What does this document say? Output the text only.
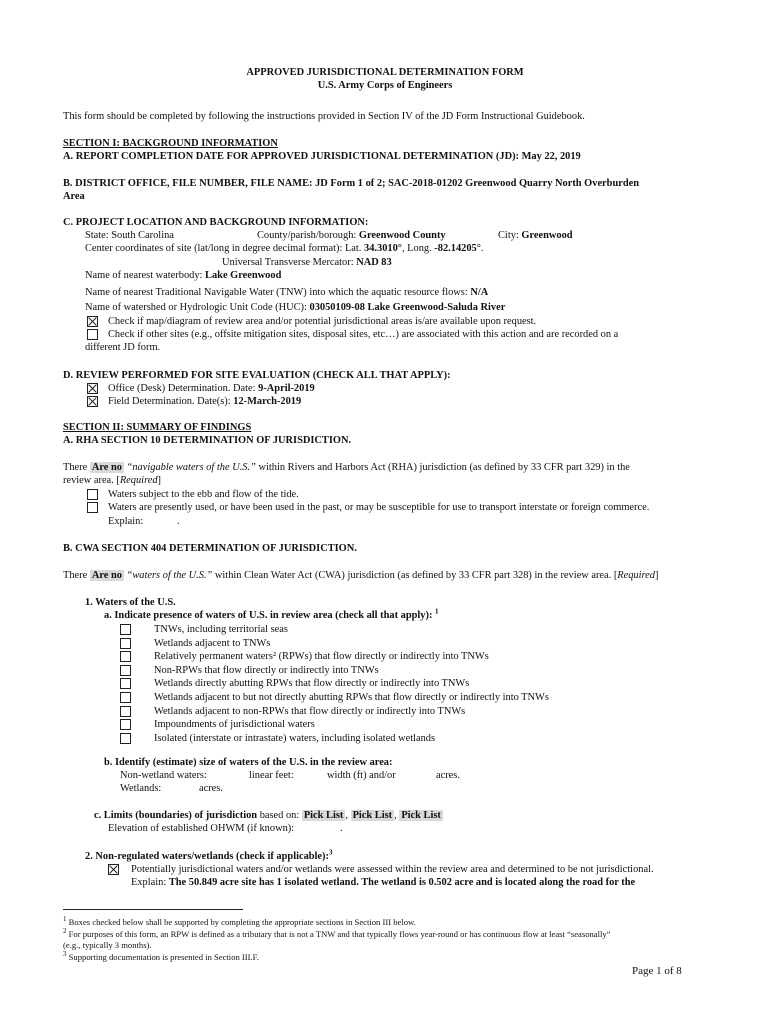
APPROVED JURISDICTIONAL DETERMINATION FORM
U.S. Army Corps of Engineers
This form should be completed by following the instructions provided in Section IV of the JD Form Instructional Guidebook.
SECTION I: BACKGROUND INFORMATION
A. REPORT COMPLETION DATE FOR APPROVED JURISDICTIONAL DETERMINATION (JD): May 22, 2019
B. DISTRICT OFFICE, FILE NUMBER, FILE NAME: JD Form 1 of 2; SAC-2018-01202 Greenwood Quarry North Overburden
Area
C. PROJECT LOCATION AND BACKGROUND INFORMATION:
State: South Carolina	County/parish/borough: Greenwood County	City: Greenwood
Center coordinates of site (lat/long in degree decimal format): Lat. 34.3010°, Long. -82.14205°.
Universal Transverse Mercator: NAD 83
Name of nearest waterbody: Lake Greenwood
Name of nearest Traditional Navigable Water (TNW) into which the aquatic resource flows: N/A
Name of watershed or Hydrologic Unit Code (HUC): 03050109-08 Lake Greenwood-Saluda River
Check if map/diagram of review area and/or potential jurisdictional areas is/are available upon request.
Check if other sites (e.g., offsite mitigation sites, disposal sites, etc…) are associated with this action and are recorded on a
different JD form.
D. REVIEW PERFORMED FOR SITE EVALUATION (CHECK ALL THAT APPLY):
Office (Desk) Determination. Date: 9-April-2019
Field Determination. Date(s): 12-March-2019
SECTION II: SUMMARY OF FINDINGS
A. RHA SECTION 10 DETERMINATION OF JURISDICTION.
There Are no “navigable waters of the U.S.” within Rivers and Harbors Act (RHA) jurisdiction (as defined by 33 CFR part 329) in the
review area. [Required]
Waters subject to the ebb and flow of the tide.
Waters are presently used, or have been used in the past, or may be susceptible for use to transport interstate or foreign commerce.
Explain:	.
B. CWA SECTION 404 DETERMINATION OF JURISDICTION.
There Are no “waters of the U.S.” within Clean Water Act (CWA) jurisdiction (as defined by 33 CFR part 328) in the review area. [Required]
1. Waters of the U.S.
a. Indicate presence of waters of U.S. in review area (check all that apply): $^1$
TNWs, including territorial seas
Wetlands adjacent to TNWs
Relatively permanent waters² (RPWs) that flow directly or indirectly into TNWs
Non-RPWs that flow directly or indirectly into TNWs
Wetlands directly abutting RPWs that flow directly or indirectly into TNWs
Wetlands adjacent to but not directly abutting RPWs that flow directly or indirectly into TNWs
Wetlands adjacent to non-RPWs that flow directly or indirectly into TNWs
Impoundments of jurisdictional waters
Isolated (interstate or intrastate) waters, including isolated wetlands
b. Identify (estimate) size of waters of the U.S. in the review area:
Non-wetland waters:	linear feet:	width (ft) and/or	acres.
Wetlands:	acres.
c. Limits (boundaries) of jurisdiction based on: Pick List , Pick List , Pick List
Elevation of established OHWM (if known):	.
2. Non-regulated waters/wetlands (check if applicable):$^3$
Potentially jurisdictional waters and/or wetlands were assessed within the review area and determined to be not jurisdictional.
Explain: The 50.849 acre site has 1 isolated wetland. The wetland is 0.502 acre and is located along the road for the
$^1$ Boxes checked below shall be supported by completing the appropriate sections in Section III below.
$^2$ For purposes of this form, an RPW is defined as a tributary that is not a TNW and that typically flows year-round or has continuous flow at least “seasonally”
(e.g., typically 3 months).
$^3$ Supporting documentation is presented in Section III.F.
Page 1 of 8
